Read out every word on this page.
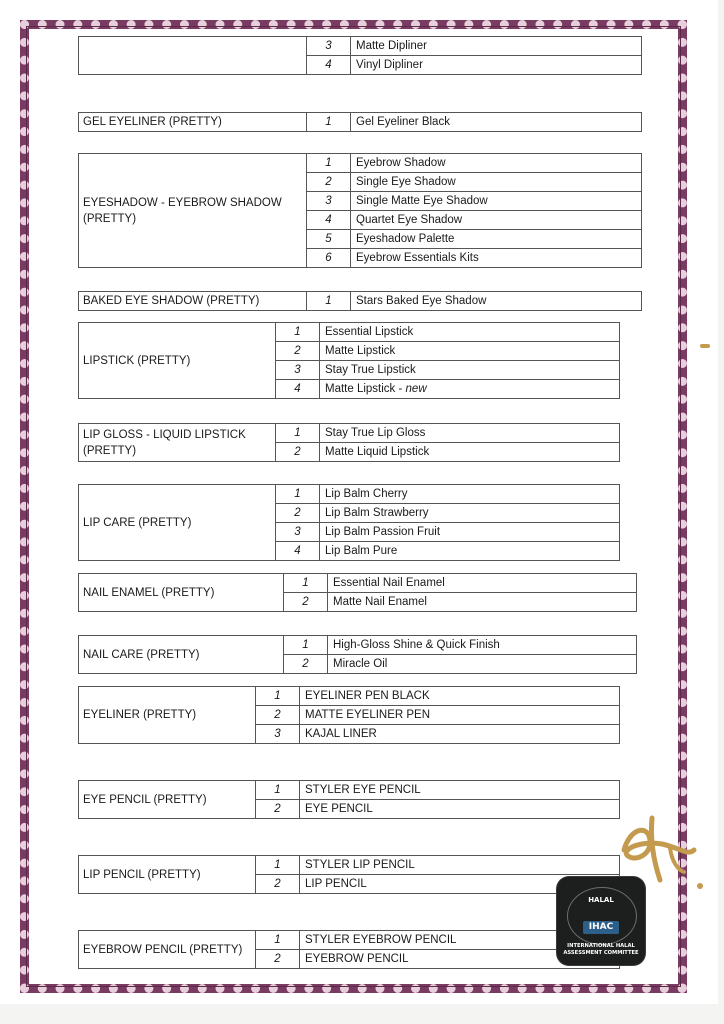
3	Matte Dipliner
4	Vinyl Dipliner
GEL EYELINER (PRETTY)	1	Gel Eyeliner Black
EYESHADOW - EYEBROW SHADOW
(PRETTY)
1	Eyebrow Shadow
2	Single Eye Shadow
3	Single Matte Eye Shadow
4	Quartet Eye Shadow
5	Eyeshadow Palette
6	Eyebrow Essentials Kits
BAKED EYE SHADOW (PRETTY)	1	Stars Baked Eye Shadow
LIPSTICK (PRETTY)
1	Essential Lipstick
2	Matte Lipstick
3	Stay True Lipstick
4	Matte Lipstick - new
LIP GLOSS - LIQUID LIPSTICK
(PRETTY)
1	Stay True Lip Gloss
2	Matte Liquid Lipstick
LIP CARE (PRETTY)
1	Lip Balm Cherry
2	Lip Balm Strawberry
3	Lip Balm Passion Fruit
4	Lip Balm Pure
NAIL ENAMEL (PRETTY)
1	Essential Nail Enamel
2	Matte Nail Enamel
NAIL CARE (PRETTY)
1	High-Gloss Shine & Quick Finish
2	Miracle Oil
EYELINER (PRETTY)
1	EYELINER PEN BLACK
2	MATTE EYELINER PEN
3	KAJAL LINER
EYE PENCIL (PRETTY)
1	STYLER EYE PENCIL
2	EYE PENCIL
LIP PENCIL (PRETTY)
1	STYLER LIP PENCIL
2	LIP PENCIL
EYEBROW PENCIL (PRETTY)
1	STYLER EYEBROW PENCIL
2	EYEBROW PENCIL
HALAL
IHAC
INTERNATIONAL HALAL ASSESSMENT COMMITTEE
